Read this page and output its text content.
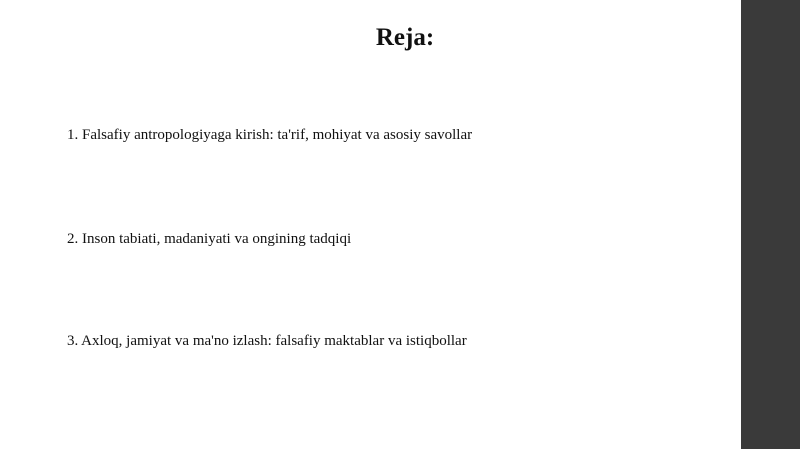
Reja:
1. Falsafiy antropologiyaga kirish: ta'rif, mohiyat va asosiy savollar
2. Inson tabiati, madaniyati va ongining tadqiqi
3. Axloq, jamiyat va ma'no izlash: falsafiy maktablar va istiqbollar
